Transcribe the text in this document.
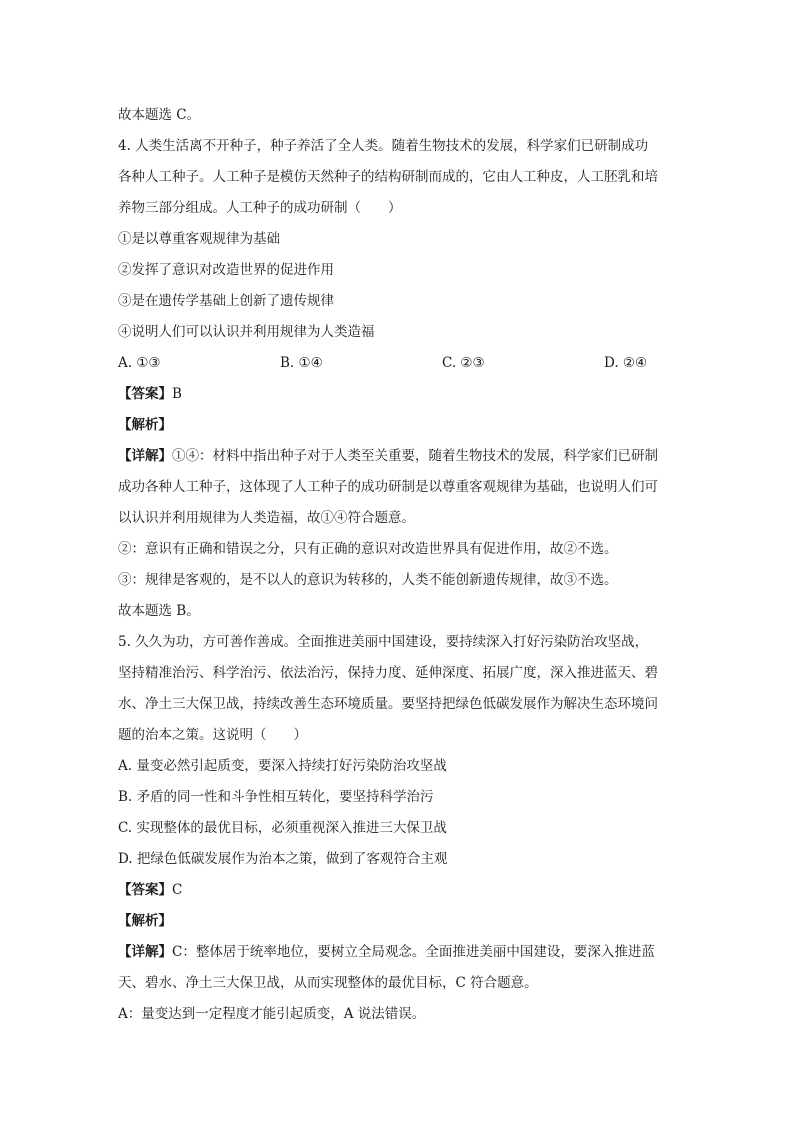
故本题选 C。
4. 人类生活离不开种子，种子养活了全人类。随着生物技术的发展，科学家们已研制成功
各种人工种子。人工种子是模仿天然种子的结构研制而成的，它由人工种皮，人工胚乳和培
养物三部分组成。人工种子的成功研制（　　）
①是以尊重客观规律为基础
②发挥了意识对改造世界的促进作用
③是在遗传学基础上创新了遗传规律
④说明人们可以认识并利用规律为人类造福
A. ①③	B. ①④	C. ②③	D. ②④
【答案】B
【解析】
【详解】①④：材料中指出种子对于人类至关重要，随着生物技术的发展，科学家们已研制
成功各种人工种子，这体现了人工种子的成功研制是以尊重客观规律为基础，也说明人们可
以认识并利用规律为人类造福，故①④符合题意。
②：意识有正确和错误之分，只有正确的意识对改造世界具有促进作用，故②不选。
③：规律是客观的，是不以人的意识为转移的，人类不能创新遗传规律，故③不选。
故本题选 B。
5. 久久为功，方可善作善成。全面推进美丽中国建设，要持续深入打好污染防治攻坚战，
坚持精准治污、科学治污、依法治污，保持力度、延伸深度、拓展广度，深入推进蓝天、碧
水、净土三大保卫战，持续改善生态环境质量。要坚持把绿色低碳发展作为解决生态环境问
题的治本之策。这说明（　　）
A. 量变必然引起质变，要深入持续打好污染防治攻坚战
B. 矛盾的同一性和斗争性相互转化，要坚持科学治污
C. 实现整体的最优目标，必须重视深入推进三大保卫战
D. 把绿色低碳发展作为治本之策，做到了客观符合主观
【答案】C
【解析】
【详解】C：整体居于统率地位，要树立全局观念。全面推进美丽中国建设，要深入推进蓝
天、碧水、净土三大保卫战，从而实现整体的最优目标，C 符合题意。
A：量变达到一定程度才能引起质变，A 说法错误。
